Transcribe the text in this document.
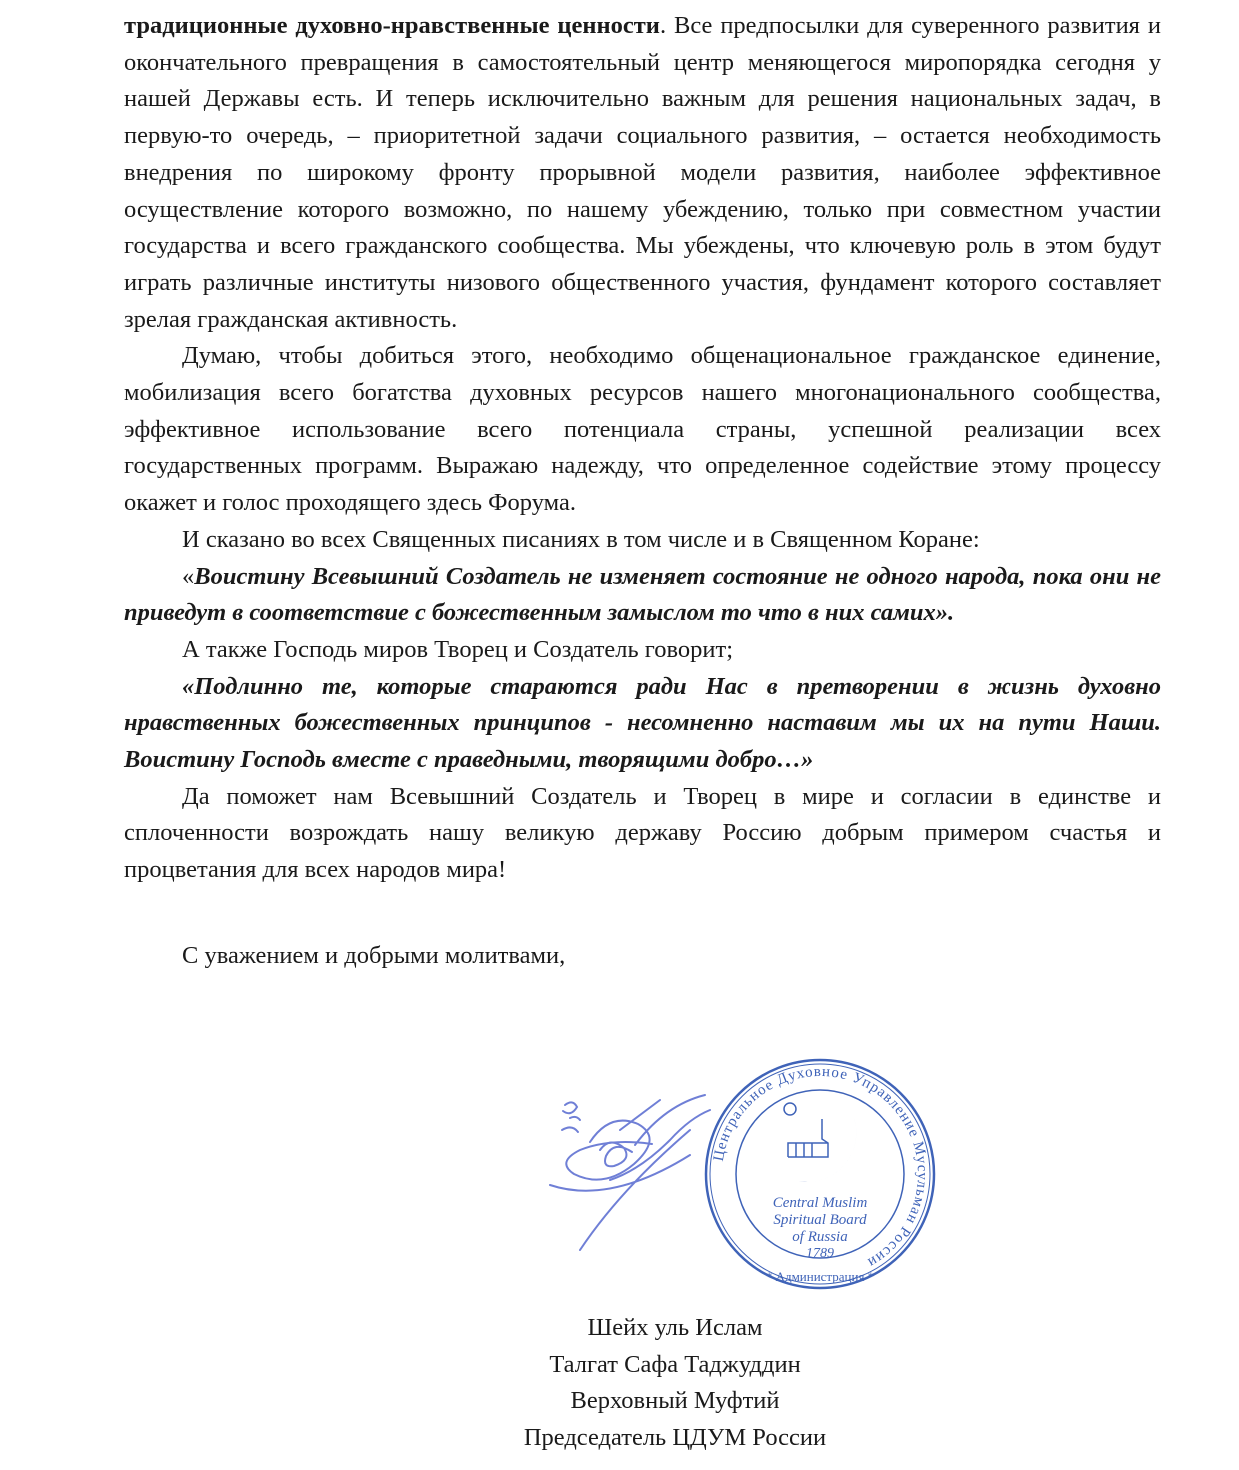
традиционные духовно-нравственные ценности. Все предпосылки для суверенного развития и окончательного превращения в самостоятельный центр меняющегося миропорядка сегодня у нашей Державы есть. И теперь исключительно важным для решения национальных задач, в первую-то очередь, – приоритетной задачи социального развития, – остается необходимость внедрения по широкому фронту прорывной модели развития, наиболее эффективное осуществление которого возможно, по нашему убеждению, только при совместном участии государства и всего гражданского сообщества. Мы убеждены, что ключевую роль в этом будут играть различные институты низового общественного участия, фундамент которого составляет зрелая гражданская активность.

Думаю, чтобы добиться этого, необходимо общенациональное гражданское единение, мобилизация всего богатства духовных ресурсов нашего многонационального сообщества, эффективное использование всего потенциала страны, успешной реализации всех государственных программ. Выражаю надежду, что определенное содействие этому процессу окажет и голос проходящего здесь Форума.

И сказано во всех Священных писаниях в том числе и в Священном Коране:

«Воистину Всевышний Создатель не изменяет состояние не одного народа, пока они не приведут в соответствие с божественным замыслом то что в них самих».

А также Господь миров Творец и Создатель говорит;

«Подлинно те, которые стараются ради Нас в претворении в жизнь духовно нравственных божественных принципов - несомненно наставим мы их на пути Наши. Воистину Господь вместе с праведными, творящими добро…»

Да поможет нам Всевышний Создатель и Творец в мире и согласии в единстве и сплоченности возрождать нашу великую державу Россию добрым примером счастья и процветания для всех народов мира!

С уважением и добрыми молитвами,
Центральное Духовное Управление Мусульман России
* Администрация *
Central Muslim
Spiritual Board
of Russia
1789
Шейх уль Ислам
Талгат Сафа Таджуддин
Верховный Муфтий
Председатель ЦДУМ России
